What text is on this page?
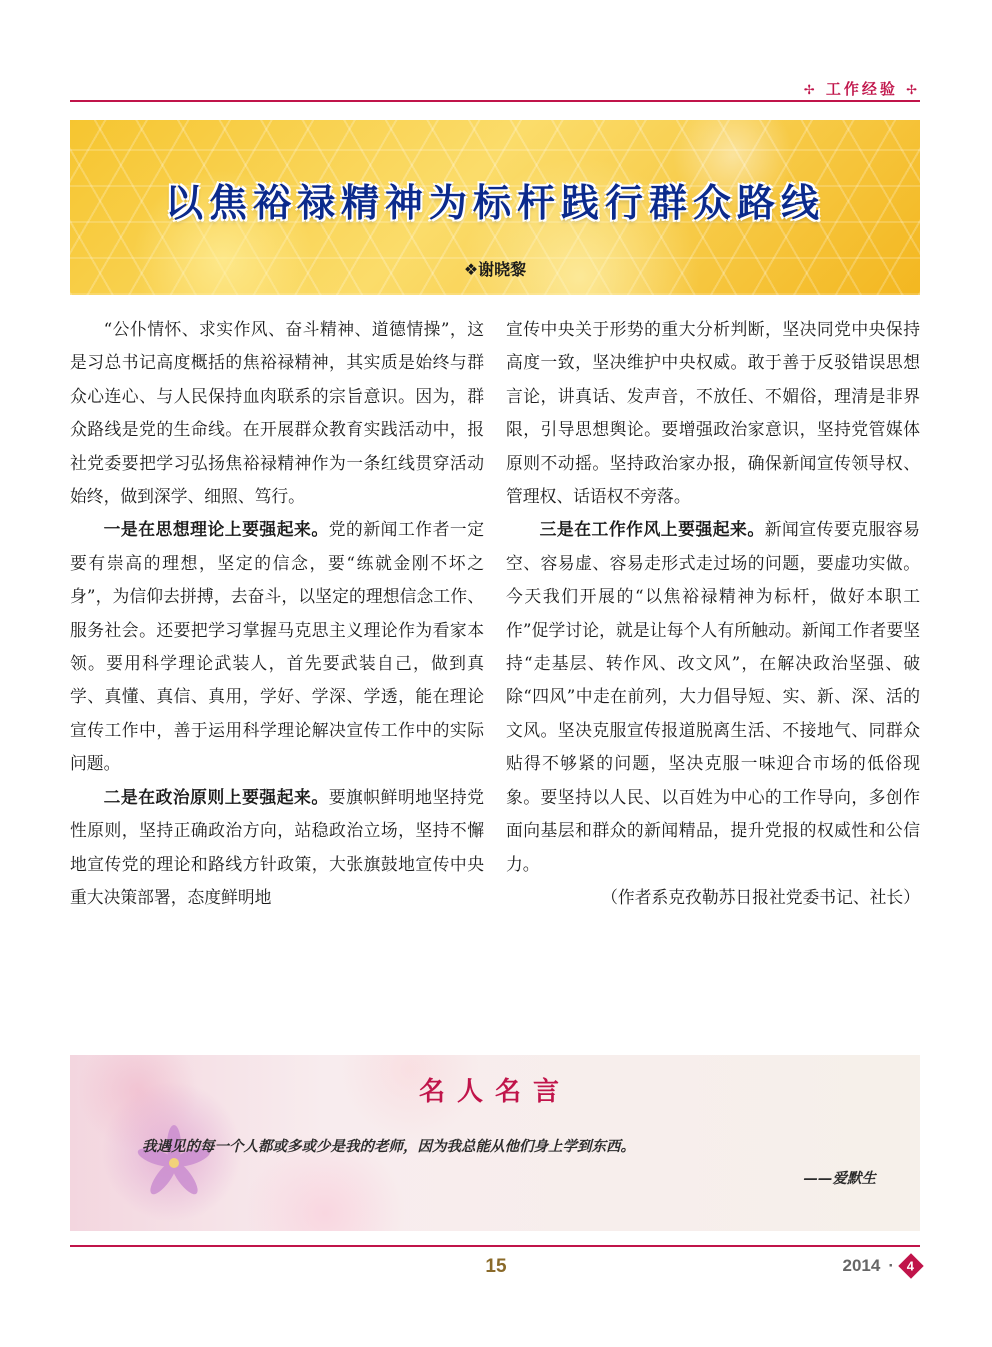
✢ 工作经验 ✢
以焦裕禄精神为标杆践行群众路线
❖谢晓黎

“公仆情怀、求实作风、奋斗精神、道德情操”，这是习总书记高度概括的焦裕禄精神，其实质是始终与群众心连心、与人民保持血肉联系的宗旨意识。因为，群众路线是党的生命线。在开展群众教育实践活动中，报社党委要把学习弘扬焦裕禄精神作为一条红线贯穿活动始终，做到深学、细照、笃行。

一是在思想理论上要强起来。党的新闻工作者一定要有崇高的理想，坚定的信念，要“练就金刚不坏之身”，为信仰去拼搏，去奋斗，以坚定的理想信念工作、服务社会。还要把学习掌握马克思主义理论作为看家本领。要用科学理论武装人，首先要武装自己，做到真学、真懂、真信、真用，学好、学深、学透，能在理论宣传工作中，善于运用科学理论解决宣传工作中的实际问题。

二是在政治原则上要强起来。要旗帜鲜明地坚持党性原则，坚持正确政治方向，站稳政治立场，坚持不懈地宣传党的理论和路线方针政策，大张旗鼓地宣传中央重大决策部署，态度鲜明地

宣传中央关于形势的重大分析判断，坚决同党中央保持高度一致，坚决维护中央权威。敢于善于反驳错误思想言论，讲真话、发声音，不放任、不媚俗，理清是非界限，引导思想舆论。要增强政治家意识，坚持党管媒体原则不动摇。坚持政治家办报，确保新闻宣传领导权、管理权、话语权不旁落。

三是在工作作风上要强起来。新闻宣传要克服容易空、容易虚、容易走形式走过场的问题，要虚功实做。今天我们开展的“以焦裕禄精神为标杆，做好本职工作”促学讨论，就是让每个人有所触动。新闻工作者要坚持“走基层、转作风、改文风”，在解决政治坚强、破除“四风”中走在前列，大力倡导短、实、新、深、活的文风。坚决克服宣传报道脱离生活、不接地气、同群众贴得不够紧的问题，坚决克服一味迎合市场的低俗现象。要坚持以人民、以百姓为中心的工作导向，多创作面向基层和群众的新闻精品，提升党报的权威性和公信力。

（作者系克孜勒苏日报社党委书记、社长）

名人名言
我遇见的每一个人都或多或少是我的老师，因为我总能从他们身上学到东西。
——爱默生
15	2014 · 4
